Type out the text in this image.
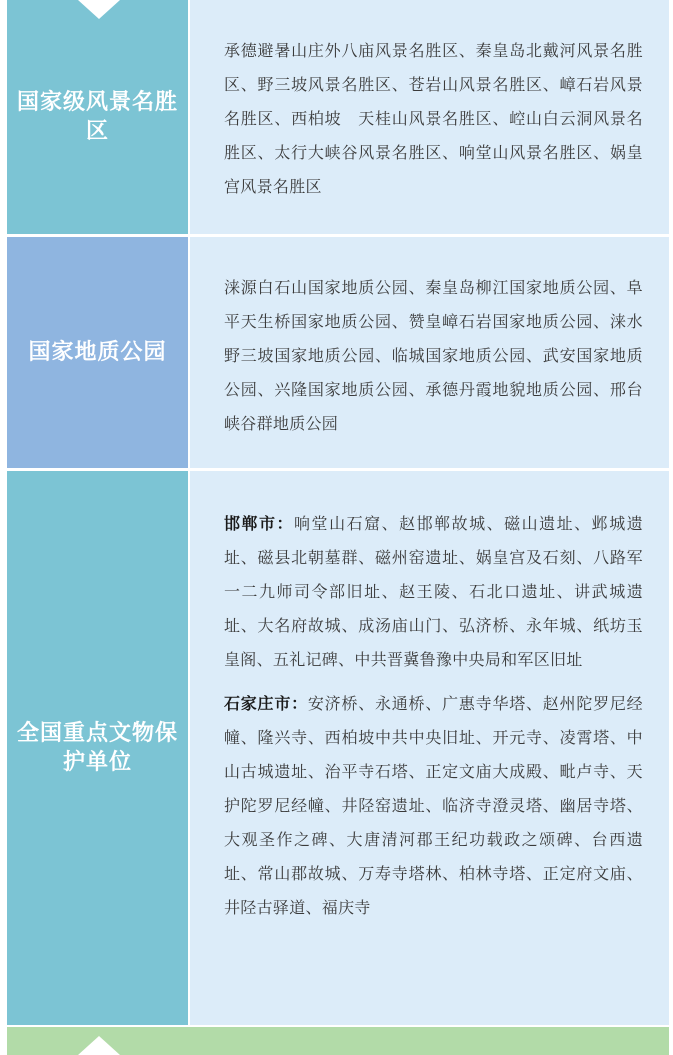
国家级风景名胜区
承德避暑山庄外八庙风景名胜区、秦皇岛北戴河风景名胜区、野三坡风景名胜区、苍岩山风景名胜区、嶂石岩风景名胜区、西柏坡　天桂山风景名胜区、崆山白云洞风景名胜区、太行大峡谷风景名胜区、响堂山风景名胜区、娲皇宫风景名胜区
国家地质公园
涞源白石山国家地质公园、秦皇岛柳江国家地质公园、阜平天生桥国家地质公园、赞皇嶂石岩国家地质公园、涞水野三坡国家地质公园、临城国家地质公园、武安国家地质公园、兴隆国家地质公园、承德丹霞地貌地质公园、邢台峡谷群地质公园
全国重点文物保护单位

邯郸市：响堂山石窟、赵邯郸故城、磁山遗址、邺城遗址、磁县北朝墓群、磁州窑遗址、娲皇宫及石刻、八路军一二九师司令部旧址、赵王陵、石北口遗址、讲武城遗址、大名府故城、成汤庙山门、弘济桥、永年城、纸坊玉皇阁、五礼记碑、中共晋冀鲁豫中央局和军区旧址

石家庄市：安济桥、永通桥、广惠寺华塔、赵州陀罗尼经幢、隆兴寺、西柏坡中共中央旧址、开元寺、凌霄塔、中山古城遗址、治平寺石塔、正定文庙大成殿、毗卢寺、天护陀罗尼经幢、井陉窑遗址、临济寺澄灵塔、幽居寺塔、大观圣作之碑、大唐清河郡王纪功载政之颂碑、台西遗址、常山郡故城、万寿寺塔林、柏林寺塔、正定府文庙、井陉古驿道、福庆寺
